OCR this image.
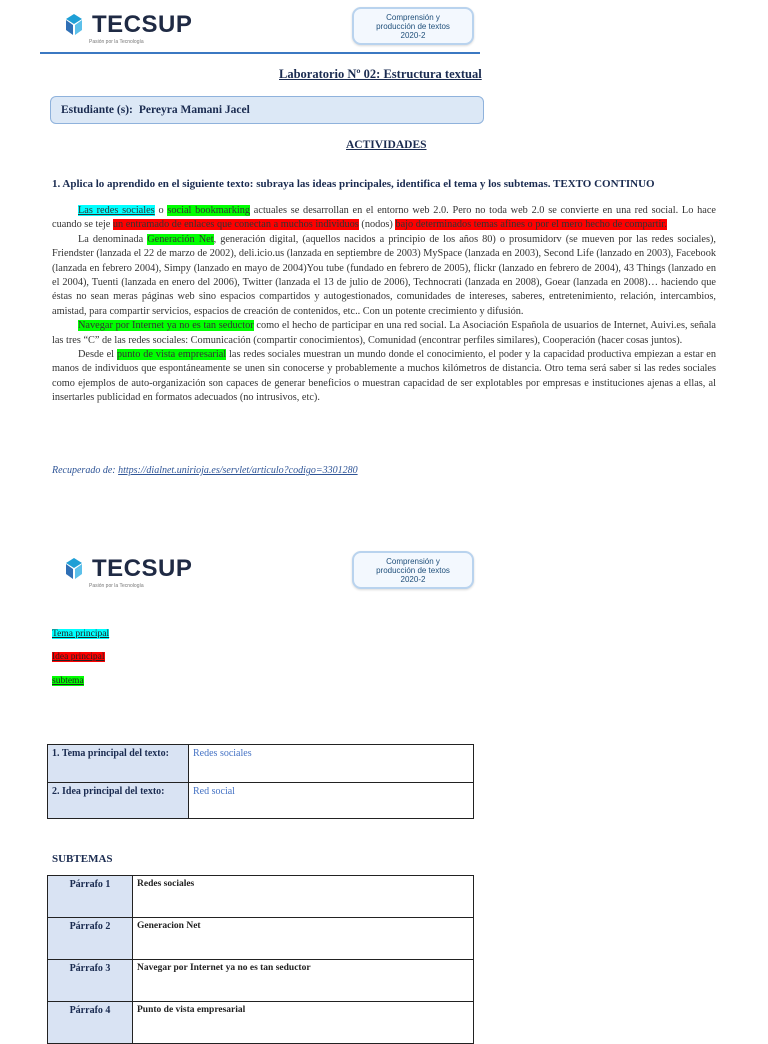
TECSUP
Pasión por la Tecnología
Comprensión y
producción de textos
2020-2
Laboratorio Nº 02: Estructura textual
Estudiante (s): Pereyra Mamani Jacel
ACTIVIDADES
1. Aplica lo aprendido en el siguiente texto: subraya las ideas principales, identifica el tema y los subtemas. TEXTO CONTINUO

Las redes sociales o social bookmarking actuales se desarrollan en el entorno web 2.0. Pero no toda web 2.0 se convierte en una red social. Lo hace cuando se teje un entramado de enlaces que conectan a muchos individuos (nodos) bajo determinados temas afines o por el mero hecho de compartir.

La denominada Generación Net, generación digital, (aquellos nacidos a principio de los años 80) o prosumidorv (se mueven por las redes sociales), Friendster (lanzada el 22 de marzo de 2002), deli.icio.us (lanzada en septiembre de 2003) MySpace (lanzada en 2003), Second Life (lanzado en 2003), Facebook (lanzada en febrero 2004), Simpy (lanzado en mayo de 2004)You tube (fundado en febrero de 2005), flickr (lanzado en febrero de 2004), 43 Things (lanzado en el 2004), Tuenti (lanzada en enero del 2006), Twitter (lanzada el 13 de julio de 2006), Technocrati (lanzada en 2008), Goear (lanzada en 2008)… haciendo que éstas no sean meras páginas web sino espacios compartidos y autogestionados, comunidades de intereses, saberes, entretenimiento, relación, intercambios, amistad, para compartir servicios, espacios de creación de contenidos, etc.. Con un potente crecimiento y difusión.

Navegar por Internet ya no es tan seductor como el hecho de participar en una red social. La Asociación Española de usuarios de Internet, Auivi.es, señala las tres “C” de las redes sociales: Comunicación (compartir conocimientos), Comunidad (encontrar perfiles similares), Cooperación (hacer cosas juntos).

Desde el punto de vista empresarial las redes sociales muestran un mundo donde el conocimiento, el poder y la capacidad productiva empiezan a estar en manos de individuos que espontáneamente se unen sin conocerse y probablemente a muchos kilómetros de distancia. Otro tema será saber si las redes sociales como ejemplos de auto-organización son capaces de generar beneficios o muestran capacidad de ser explotables por empresas e instituciones ajenas a ellas, al insertarles publicidad en formatos adecuados (no intrusivos, etc).

Recuperado de: https://dialnet.unirioja.es/servlet/articulo?codigo=3301280
TECSUP
Pasión por la Tecnología
Comprensión y
producción de textos
2020-2
Tema principal
Idea principal
subtema
1. Tema principal del texto:	Redes sociales
2. Idea principal del texto:	Red social
SUBTEMAS
Párrafo 1	Redes sociales
Párrafo 2	Generacion Net
Párrafo 3	Navegar por Internet ya no es tan seductor
Párrafo 4	Punto de vista empresarial
